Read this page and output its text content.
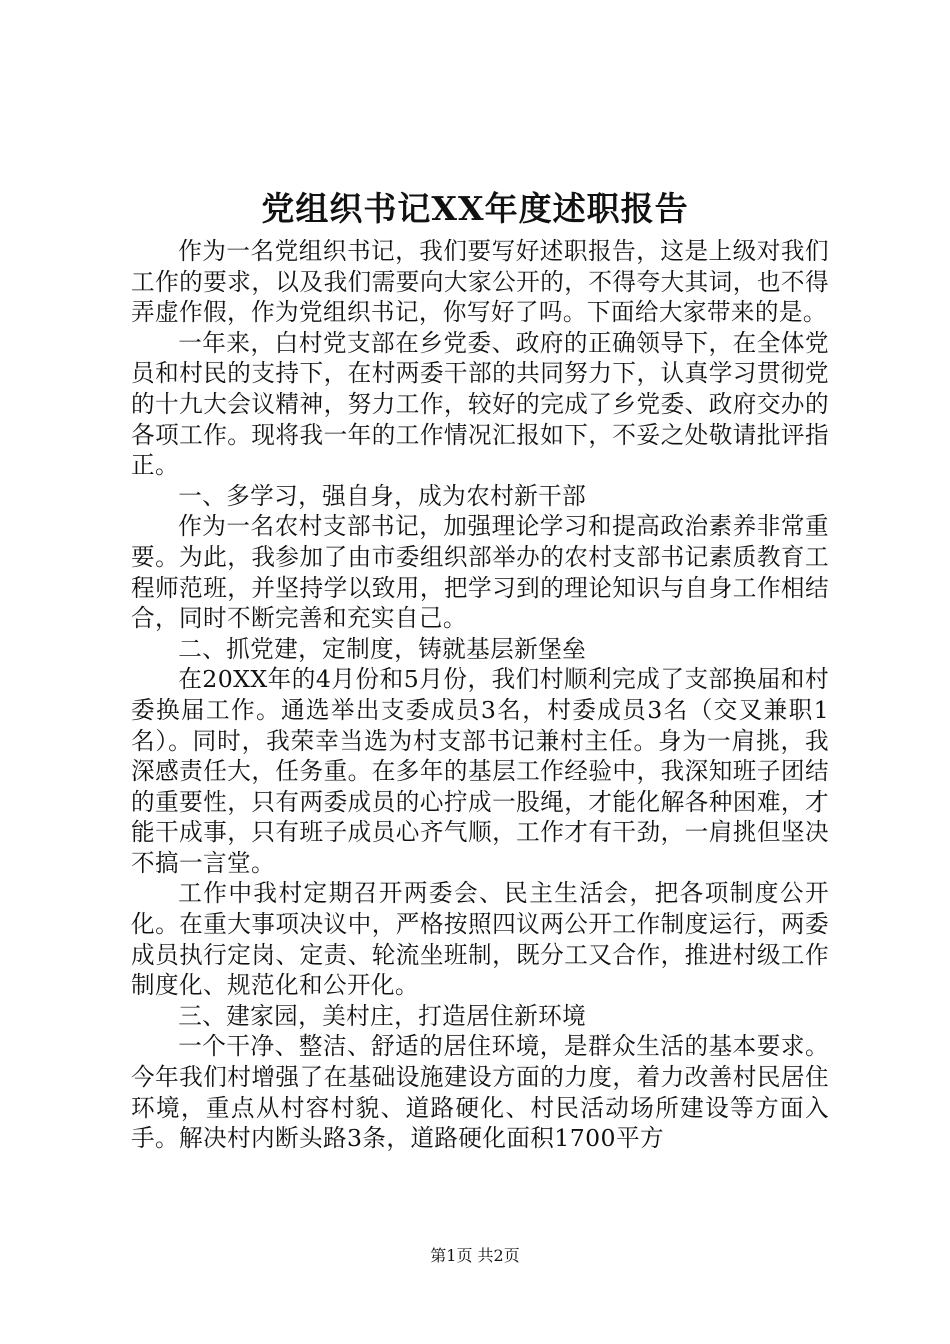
党组织书记XX年度述职报告

作为一名党组织书记，我们要写好述职报告，这是上级对我们工作的要求，以及我们需要向大家公开的，不得夸大其词，也不得弄虚作假，作为党组织书记，你写好了吗。下面给大家带来的是。

一年来，白村党支部在乡党委、政府的正确领导下，在全体党员和村民的支持下，在村两委干部的共同努力下，认真学习贯彻党的十九大会议精神，努力工作，较好的完成了乡党委、政府交办的各项工作。现将我一年的工作情况汇报如下，不妥之处敬请批评指正。

一、多学习，强自身，成为农村新干部

作为一名农村支部书记，加强理论学习和提高政治素养非常重要。为此，我参加了由市委组织部举办的农村支部书记素质教育工程师范班，并坚持学以致用，把学习到的理论知识与自身工作相结合，同时不断完善和充实自己。

二、抓党建，定制度，铸就基层新堡垒

在20XX年的4月份和5月份，我们村顺利完成了支部换届和村委换届工作。通选举出支委成员3名，村委成员3名（交叉兼职1名）。同时，我荣幸当选为村支部书记兼村主任。身为一肩挑，我深感责任大，任务重。在多年的基层工作经验中，我深知班子团结的重要性，只有两委成员的心拧成一股绳，才能化解各种困难，才能干成事，只有班子成员心齐气顺，工作才有干劲，一肩挑但坚决不搞一言堂。

工作中我村定期召开两委会、民主生活会，把各项制度公开化。在重大事项决议中，严格按照四议两公开工作制度运行，两委成员执行定岗、定责、轮流坐班制，既分工又合作，推进村级工作制度化、规范化和公开化。

三、建家园，美村庄，打造居住新环境

一个干净、整洁、舒适的居住环境，是群众生活的基本要求。今年我们村增强了在基础设施建设方面的力度，着力改善村民居住环境，重点从村容村貌、道路硬化、村民活动场所建设等方面入手。解决村内断头路3条，道路硬化面积1700平方

第1页 共2页
